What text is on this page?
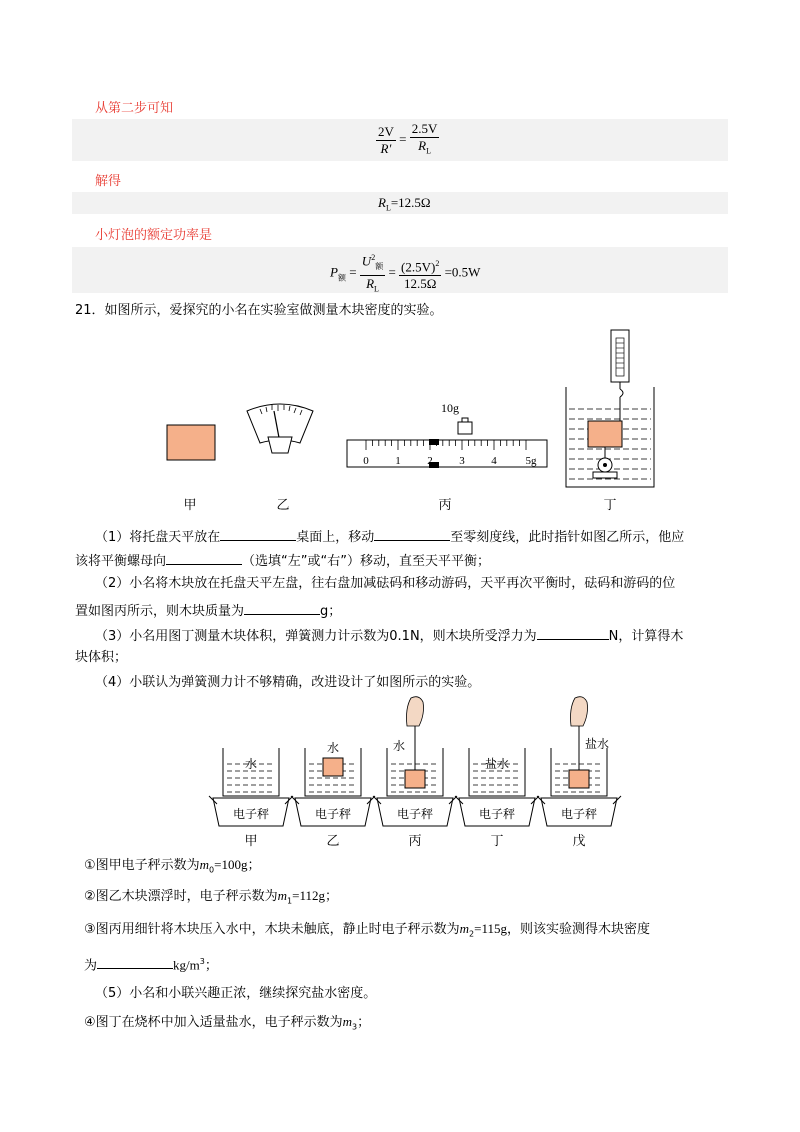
从第二步可知
$\frac{2V}{R'} = \frac{2.5V}{R_L}$
解得
$R_L=12.5\Omega$
小灯泡的额定功率是
$P_额 = \frac{U^2_额}{R_L} = \frac{(2.5V)^2}{12.5\Omega} =0.5W$
21．如图所示，爱探究的小名在实验室做测量木块密度的实验。
10g
0 1 2 3 4	5g
甲	乙	丙	丁
（1）将托盘天平放在	桌面上，移动	至零刻度线，此时指针如图乙所示，他应
该将平衡螺母向	（选填“左”或“右”）移动，直至天平平衡；
（2）小名将木块放在托盘天平左盘，往右盘加减砝码和移动游码，天平再次平衡时，砝码和游码的位
置如图丙所示，则木块质量为	g；
（3）小名用图丁测量木块体积，弹簧测力计示数为0.1N，则木块所受浮力为	N，计算得木
块体积；
（4）小联认为弹簧测力计不够精确，改进设计了如图所示的实验。
电子秤
水
甲
电子秤
水
乙
电子秤
水
丙
电子秤
盐水
丁
电子秤
盐水
戊
①图甲电子秤示数为$m_0=100g$；
②图乙木块漂浮时，电子秤示数为$m_1=112g$；
③图丙用细针将木块压入水中，木块未触底，静止时电子秤示数为$m_2=115g$，则该实验测得木块密度
为	$kg/m^3$；
（5）小名和小联兴趣正浓，继续探究盐水密度。
④图丁在烧杯中加入适量盐水，电子秤示数为$m_3$；
